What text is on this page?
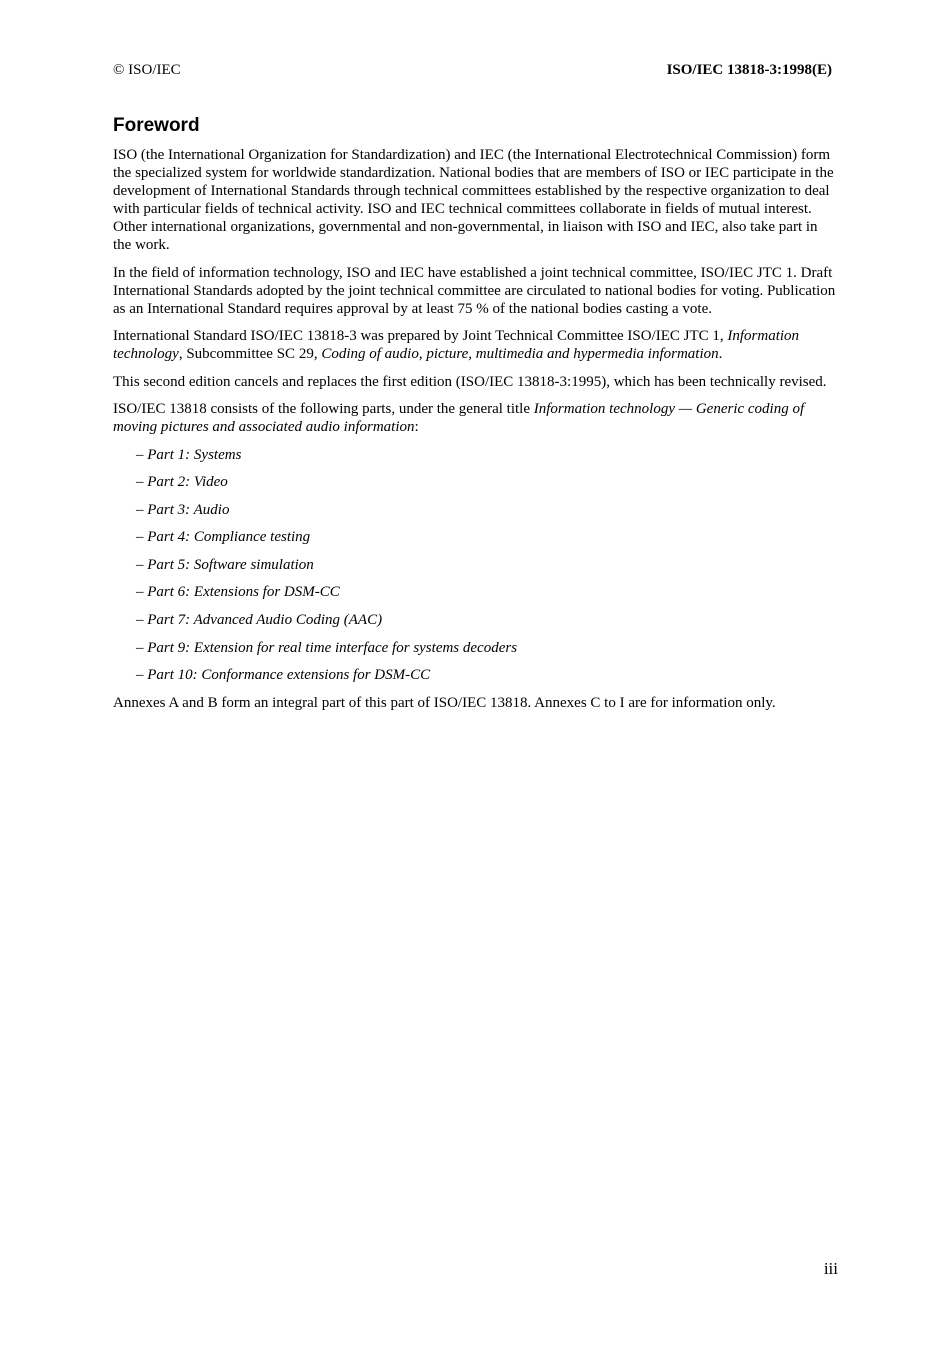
© ISO/IEC	ISO/IEC 13818-3:1998(E)
Foreword

ISO (the International Organization for Standardization) and IEC (the International Electrotechnical Commission) form the specialized system for worldwide standardization. National bodies that are members of ISO or IEC participate in the development of International Standards through technical committees established by the respective organization to deal with particular fields of technical activity. ISO and IEC technical committees collaborate in fields of mutual interest. Other international organizations, governmental and non-governmental, in liaison with ISO and IEC, also take part in the work.

In the field of information technology, ISO and IEC have established a joint technical committee, ISO/IEC JTC 1. Draft International Standards adopted by the joint technical committee are circulated to national bodies for voting. Publication as an International Standard requires approval by at least 75 % of the national bodies casting a vote.

International Standard ISO/IEC 13818-3 was prepared by Joint Technical Committee ISO/IEC JTC 1, Information technology, Subcommittee SC 29, Coding of audio, picture, multimedia and hypermedia information.

This second edition cancels and replaces the first edition (ISO/IEC 13818-3:1995), which has been technically revised.

ISO/IEC 13818 consists of the following parts, under the general title Information technology — Generic coding of moving pictures and associated audio information:

– Part 1: Systems
– Part 2: Video
– Part 3: Audio
– Part 4: Compliance testing
– Part 5: Software simulation
– Part 6: Extensions for DSM-CC
– Part 7: Advanced Audio Coding (AAC)
– Part 9: Extension for real time interface for systems decoders
– Part 10: Conformance extensions for DSM-CC

Annexes A and B form an integral part of this part of ISO/IEC 13818. Annexes C to I are for information only.

iii
